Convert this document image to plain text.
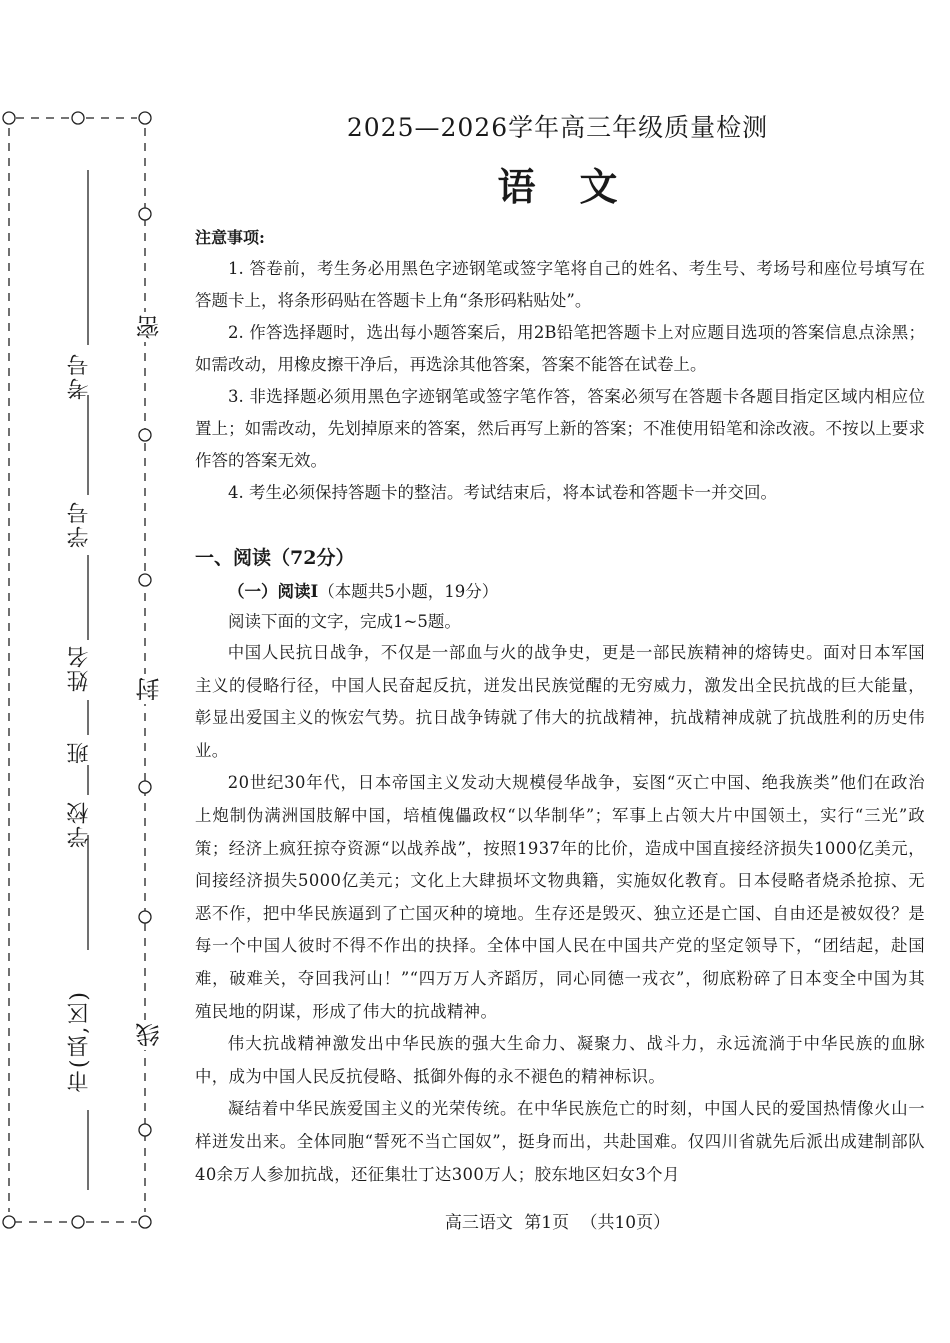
考号
学号
姓名
班
学校
市(县,区)
密
封
线
2025—2026学年高三年级质量检测
语文
注意事项:

1. 答卷前，考生务必用黑色字迹钢笔或签字笔将自己的姓名、考生号、考场号和座位号填写在答题卡上，将条形码贴在答题卡上角“条形码粘贴处”。

2. 作答选择题时，选出每小题答案后，用2B铅笔把答题卡上对应题目选项的答案信息点涂黑；如需改动，用橡皮擦干净后，再选涂其他答案，答案不能答在试卷上。

3. 非选择题必须用黑色字迹钢笔或签字笔作答，答案必须写在答题卡各题目指定区域内相应位置上；如需改动，先划掉原来的答案，然后再写上新的答案；不准使用铅笔和涂改液。不按以上要求作答的答案无效。

4. 考生必须保持答题卡的整洁。考试结束后，将本试卷和答题卡一并交回。

一、阅读（72分）

（一）阅读Ⅰ（本题共5小题，19分）

阅读下面的文字，完成1~5题。

中国人民抗日战争，不仅是一部血与火的战争史，更是一部民族精神的熔铸史。面对日本军国主义的侵略行径，中国人民奋起反抗，迸发出民族觉醒的无穷威力，激发出全民抗战的巨大能量，彰显出爱国主义的恢宏气势。抗日战争铸就了伟大的抗战精神，抗战精神成就了抗战胜利的历史伟业。

20世纪30年代，日本帝国主义发动大规模侵华战争，妄图“灭亡中国、绝我族类”他们在政治上炮制伪满洲国肢解中国，培植傀儡政权“以华制华”；军事上占领大片中国领土，实行“三光”政策；经济上疯狂掠夺资源“以战养战”，按照1937年的比价，造成中国直接经济损失1000亿美元，间接经济损失5000亿美元；文化上大肆损坏文物典籍，实施奴化教育。日本侵略者烧杀抢掠、无恶不作，把中华民族逼到了亡国灭种的境地。生存还是毁灭、独立还是亡国、自由还是被奴役？是每一个中国人彼时不得不作出的抉择。全体中国人民在中国共产党的坚定领导下，“团结起，赴国难，破难关，夺回我河山！”“四万万人齐蹈厉，同心同德一戎衣”，彻底粉碎了日本变全中国为其殖民地的阴谋，形成了伟大的抗战精神。

伟大抗战精神激发出中华民族的强大生命力、凝聚力、战斗力，永远流淌于中华民族的血脉中，成为中国人民反抗侵略、抵御外侮的永不褪色的精神标识。

凝结着中华民族爱国主义的光荣传统。在中华民族危亡的时刻，中国人民的爱国热情像火山一样迸发出来。全体同胞“誓死不当亡国奴”，挺身而出，共赴国难。仅四川省就先后派出成建制部队40余万人参加抗战，还征集壮丁达300万人；胶东地区妇女3个月

高三语文 第1页 （共10页）
